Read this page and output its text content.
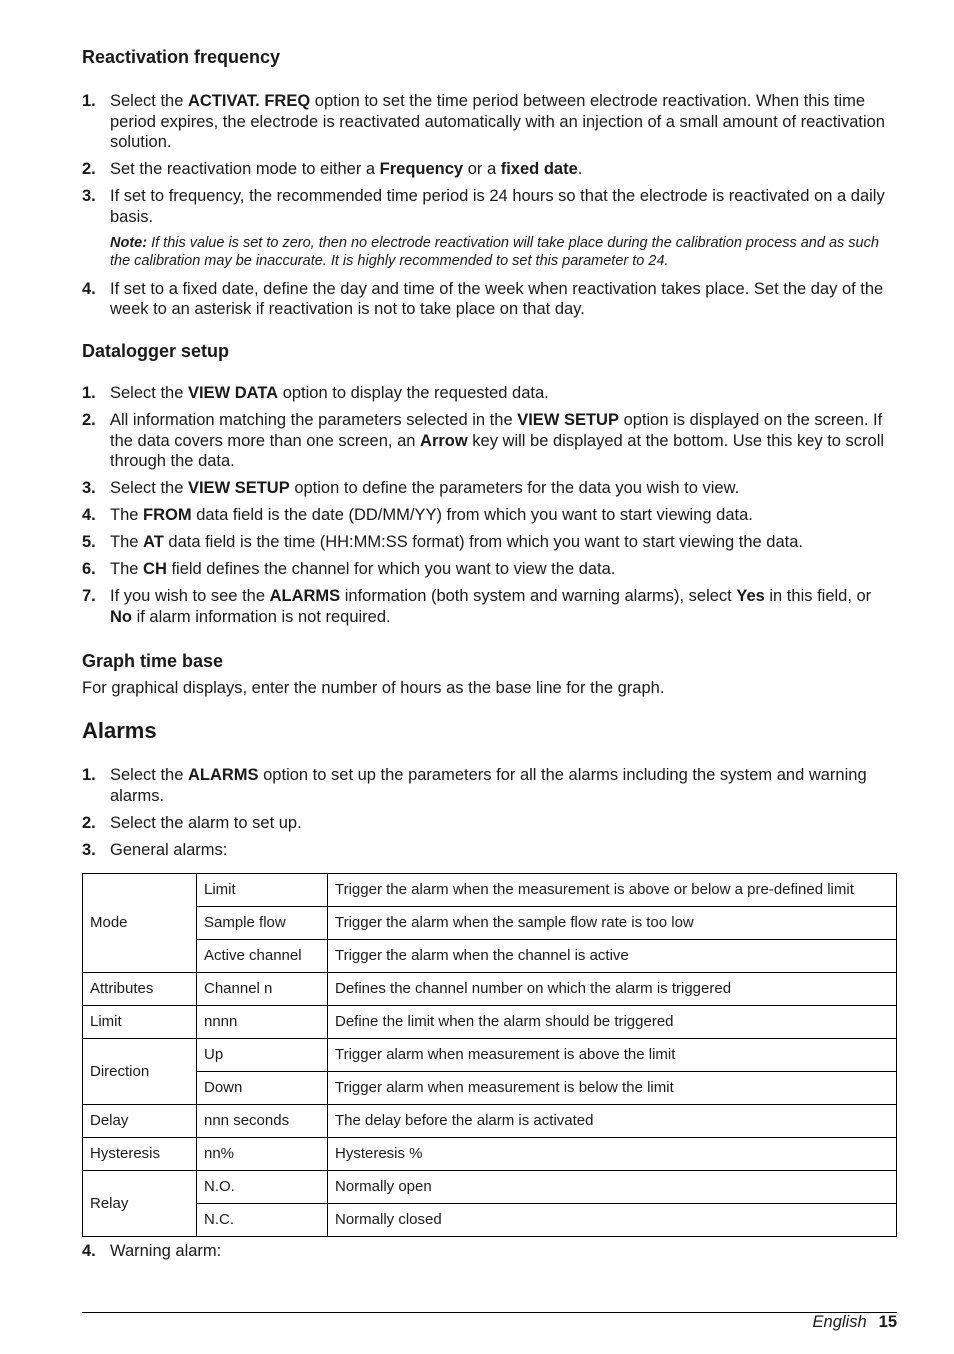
Reactivation frequency
1. Select the ACTIVAT. FREQ option to set the time period between electrode reactivation. When this time period expires, the electrode is reactivated automatically with an injection of a small amount of reactivation solution.
2. Set the reactivation mode to either a Frequency or a fixed date.
3. If set to frequency, the recommended time period is 24 hours so that the electrode is reactivated on a daily basis.
Note: If this value is set to zero, then no electrode reactivation will take place during the calibration process and as such the calibration may be inaccurate. It is highly recommended to set this parameter to 24.
4. If set to a fixed date, define the day and time of the week when reactivation takes place. Set the day of the week to an asterisk if reactivation is not to take place on that day.
Datalogger setup
1. Select the VIEW DATA option to display the requested data.
2. All information matching the parameters selected in the VIEW SETUP option is displayed on the screen. If the data covers more than one screen, an Arrow key will be displayed at the bottom. Use this key to scroll through the data.
3. Select the VIEW SETUP option to define the parameters for the data you wish to view.
4. The FROM data field is the date (DD/MM/YY) from which you want to start viewing data.
5. The AT data field is the time (HH:MM:SS format) from which you want to start viewing the data.
6. The CH field defines the channel for which you want to view the data.
7. If you wish to see the ALARMS information (both system and warning alarms), select Yes in this field, or No if alarm information is not required.
Graph time base

For graphical displays, enter the number of hours as the base line for the graph.

Alarms
1. Select the ALARMS option to set up the parameters for all the alarms including the system and warning alarms.
2. Select the alarm to set up.
3. General alarms:
Mode	Limit	Trigger the alarm when the measurement is above or below a pre-defined limit
	Sample flow	Trigger the alarm when the sample flow rate is too low
	Active channel	Trigger the alarm when the channel is active
Attributes	Channel n	Defines the channel number on which the alarm is triggered
Limit	nnnn	Define the limit when the alarm should be triggered
Direction	Up	Trigger alarm when measurement is above the limit
	Down	Trigger alarm when measurement is below the limit
Delay	nnn seconds	The delay before the alarm is activated
Hysteresis	nn%	Hysteresis %
Relay	N.O.	Normally open
	N.C.	Normally closed
4. Warning alarm:
English 15
